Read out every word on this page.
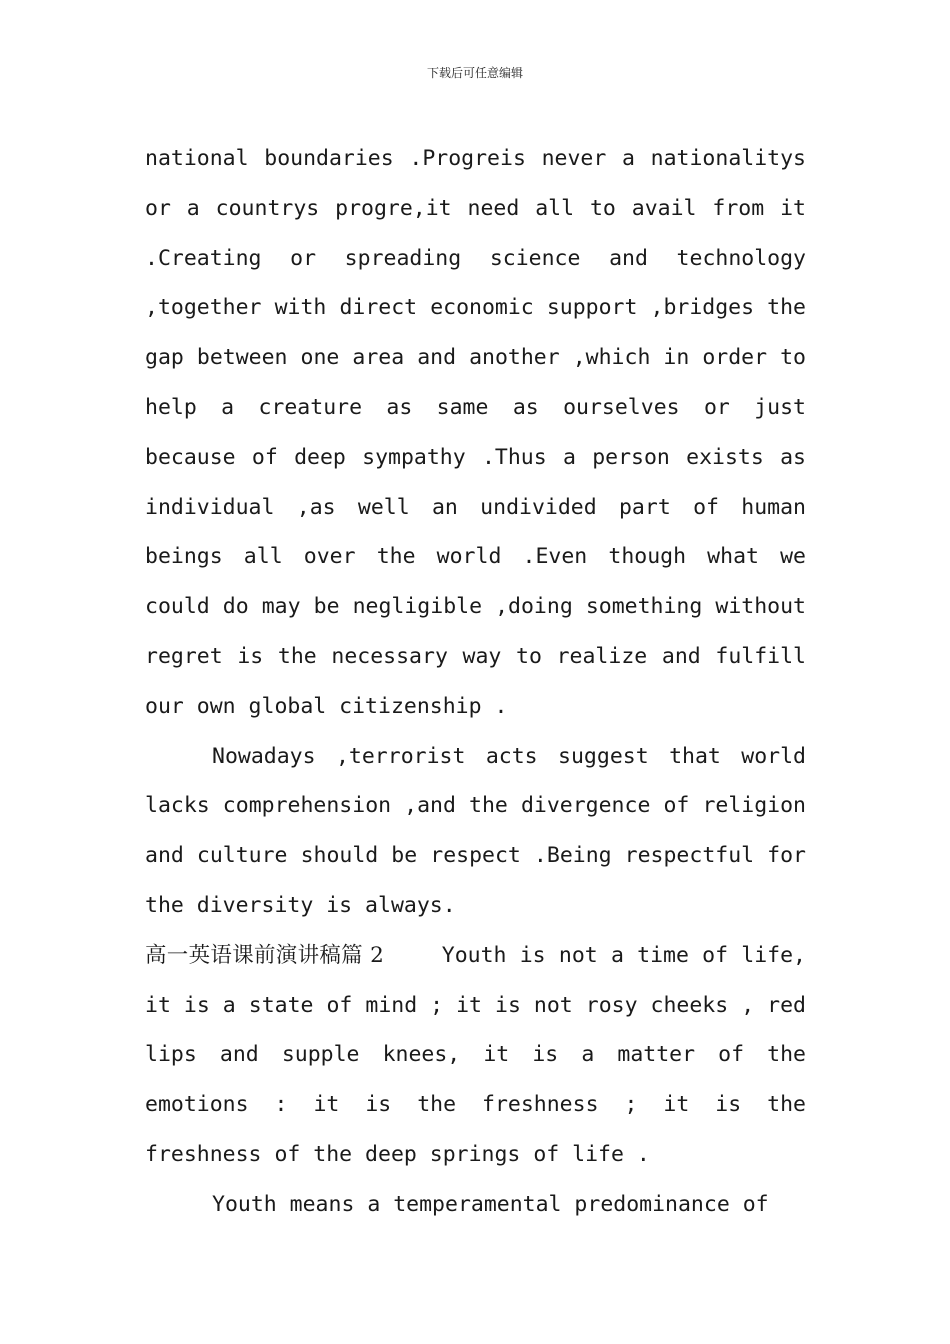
下载后可任意编辑

national boundaries .Progreis never a nationalitys or a countrys progre,it need all to avail from it .Creating or spreading science and technology ,together with direct economic support ,bridges the gap between one area and another ,which in order to help a creature as same as ourselves or just because of deep sympathy .Thus a person exists as individual ,as well an undivided part of human beings all over the world .Even though what we could do may be negligible ,doing something without regret is the necessary way to realize and fulfill our own global citizenship .

Nowadays ,terrorist acts suggest that world lacks comprehension ,and the divergence of religion and culture should be respect .Being respectful for the diversity is always.

高一英语课前演讲稿篇 2	Youth is not a time of life, it is a state of mind ; it is not rosy cheeks , red lips and supple knees, it is a matter of the emotions : it is the freshness ; it is the freshness of the deep springs of life .

Youth means a temperamental predominance of
